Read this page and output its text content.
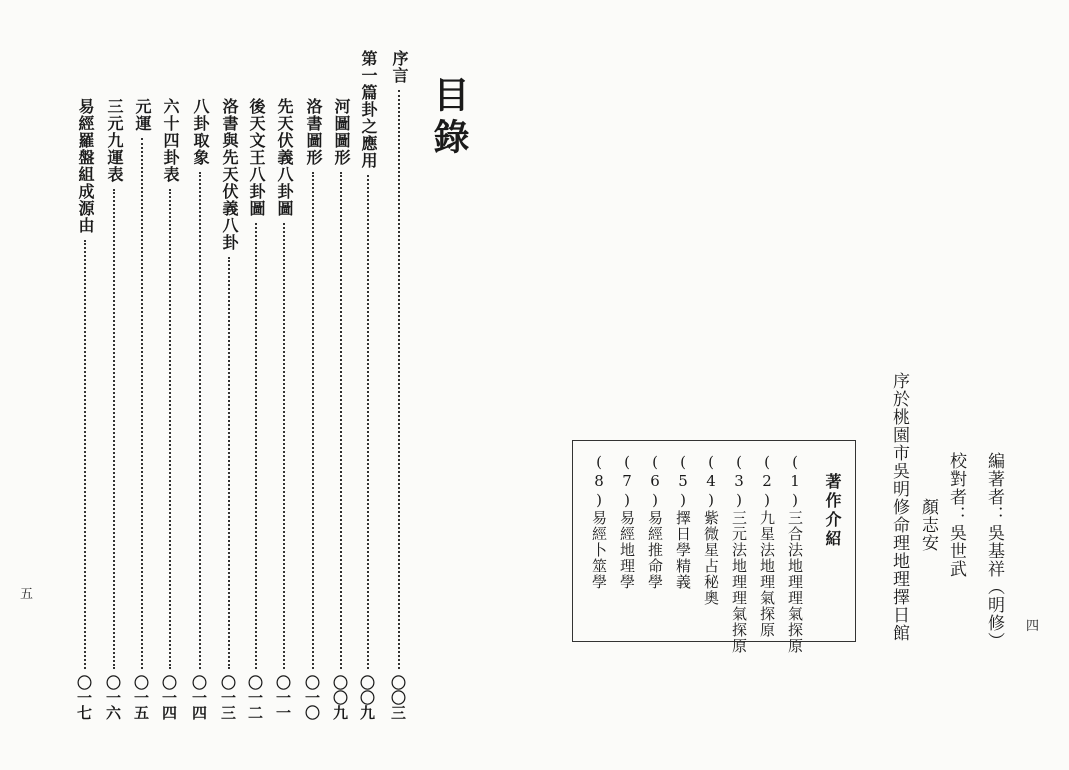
目錄
序言
〇〇三
第一篇卦之應用
〇〇九
河圖圖形
〇〇九
洛書圖形
〇一〇
先天伏義八卦圖
〇一一
後天文王八卦圖
〇一二
洛書與先天伏義八卦
〇一三
八卦取象
〇一四
六十四卦表
〇一四
元運
〇一五
三元九運表
〇一六
易經羅盤組成源由
〇一七
五	編著者：吳基祥（明修）
校對者：吳世武
顏志安
序於桃園市吳明修命理地理擇日館
著作介紹
(1)三合法地理理氣探原
(2)九星法地理氣探原
(3)三元法地理理氣探原
(4)紫微星占秘奧
(5)擇日學精義
(6)易經推命學
(7)易經地理學
(8)易經卜筮學
四
